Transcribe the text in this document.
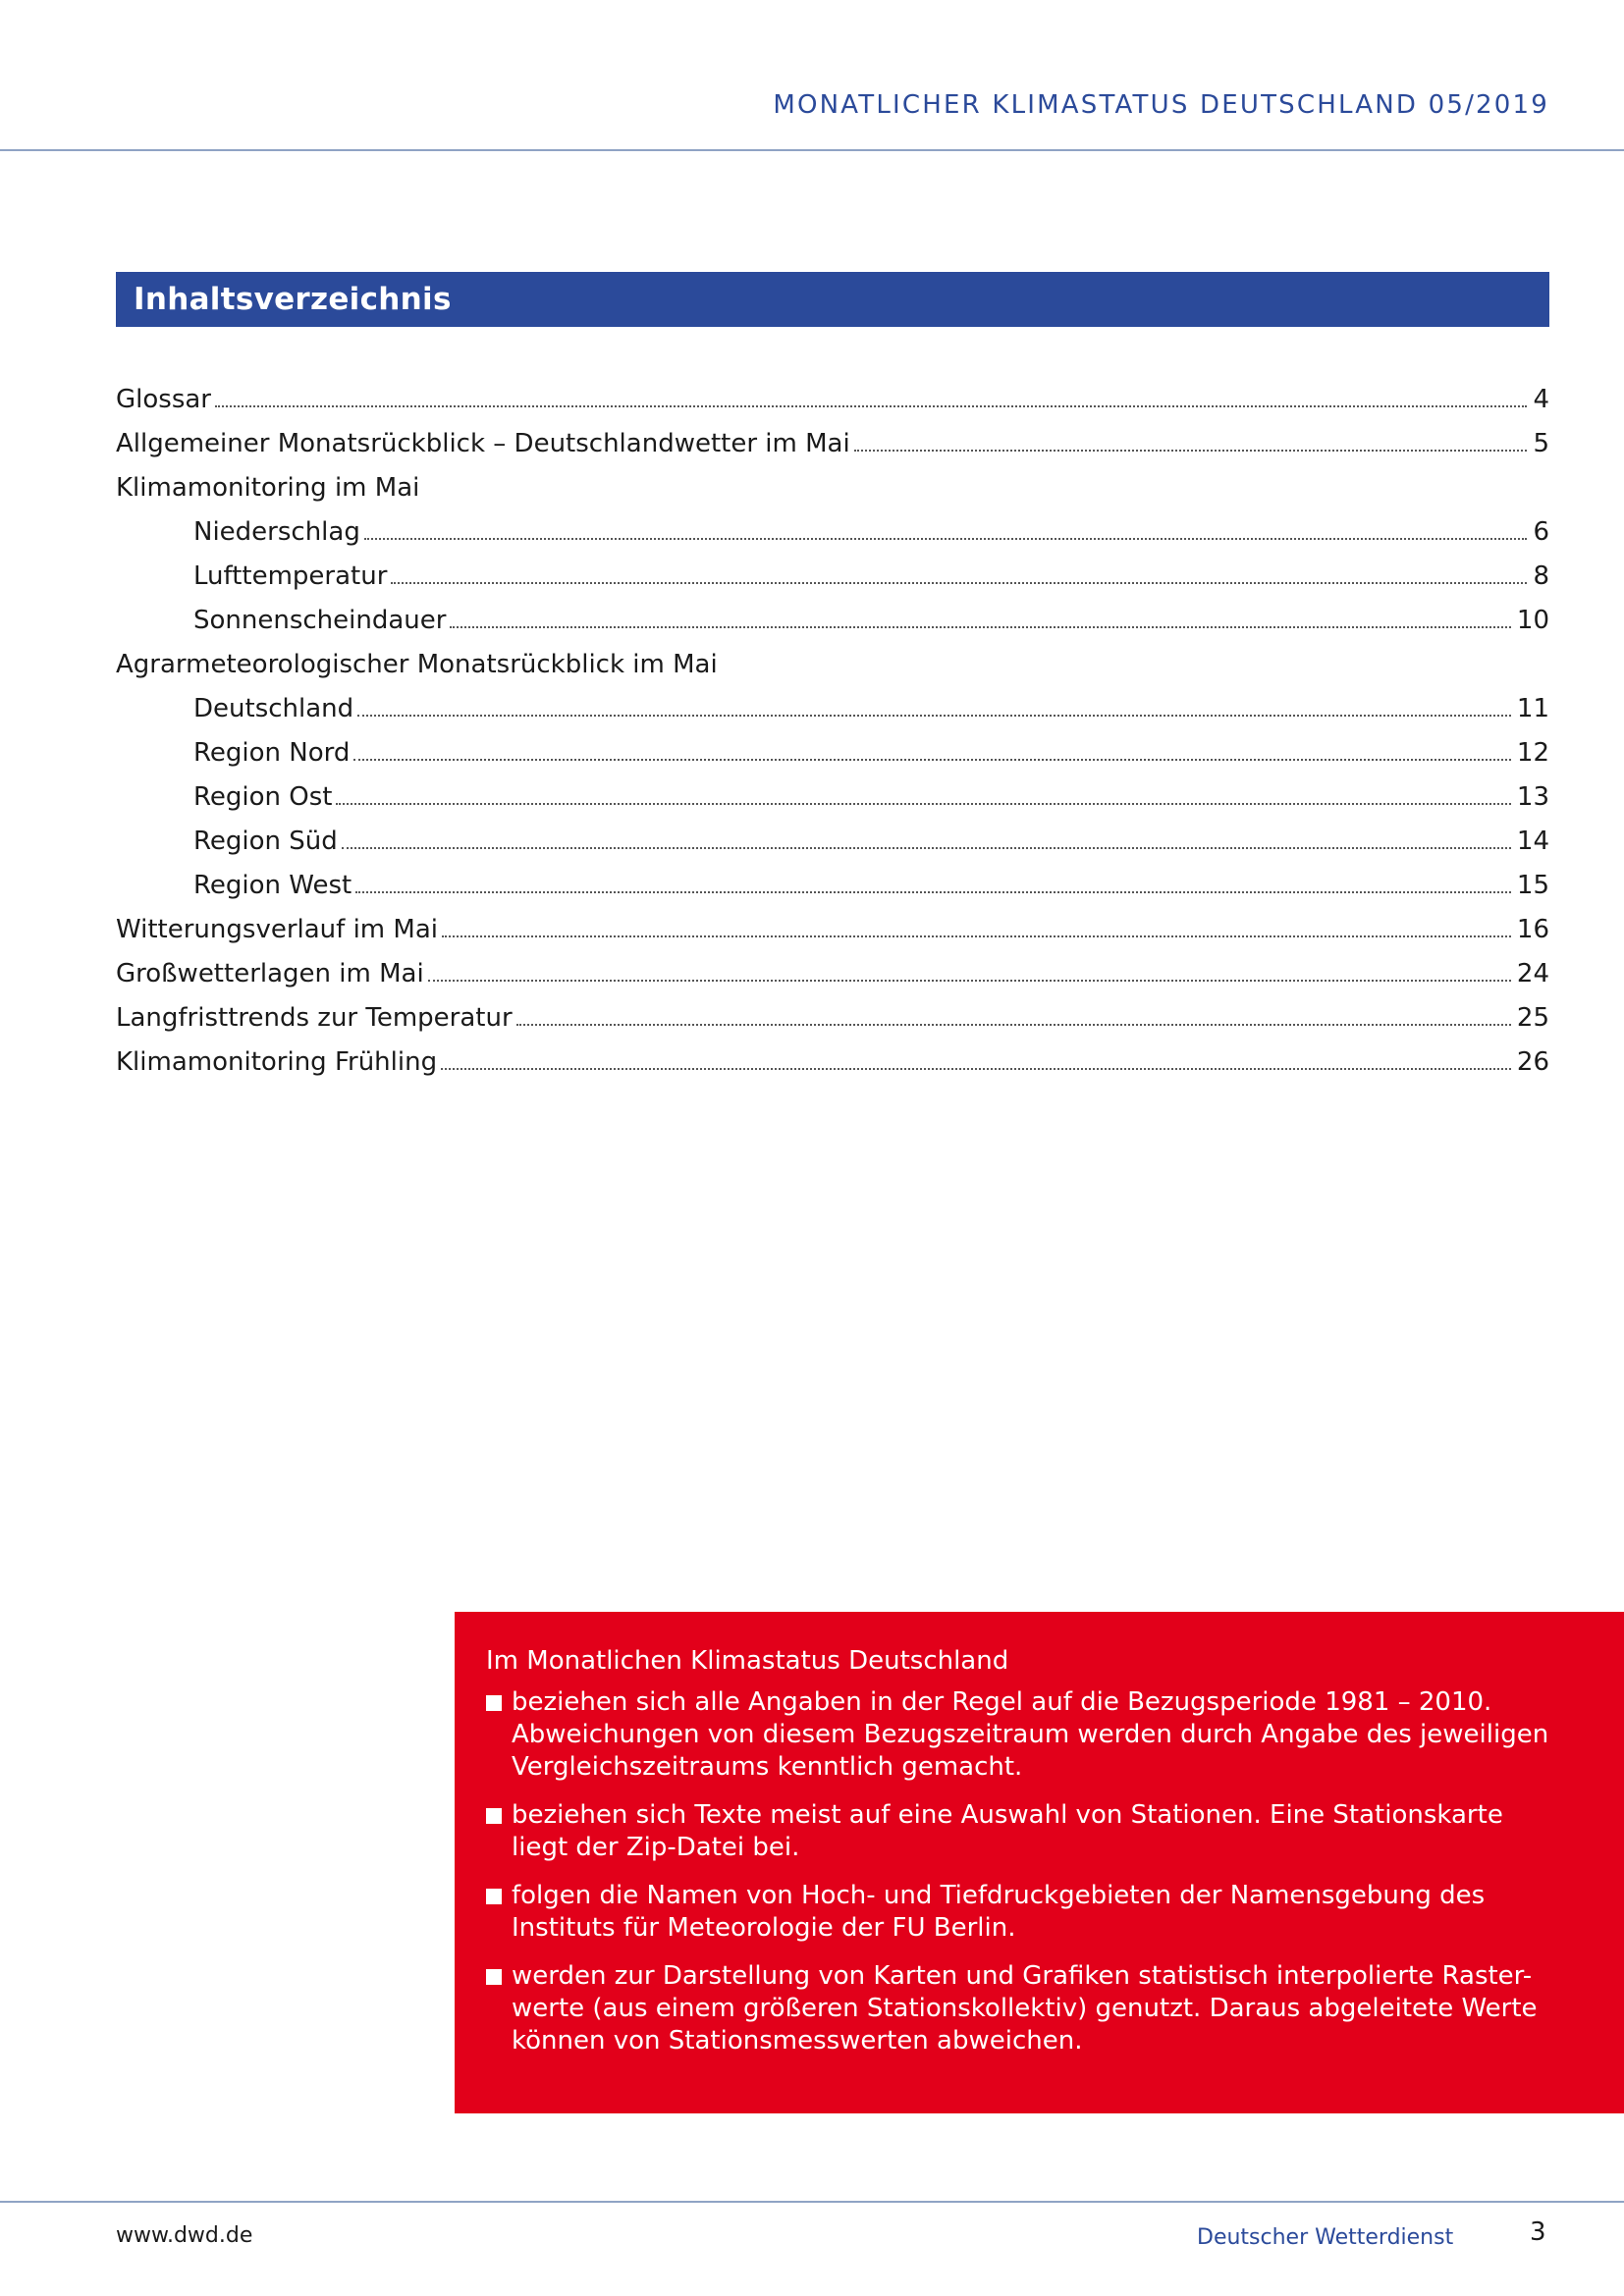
MONATLICHER KLIMASTATUS DEUTSCHLAND 05/2019
Inhaltsverzeichnis
Glossar	4
Allgemeiner Monatsrückblick – Deutschlandwetter im Mai	5
Klimamonitoring im Mai
Niederschlag	6
Lufttemperatur	8
Sonnenscheindauer	10
Agrarmeteorologischer Monatsrückblick im Mai
Deutschland	11
Region Nord	12
Region Ost	13
Region Süd	14
Region West	15
Witterungsverlauf im Mai	16
Großwetterlagen im Mai	24
Langfristtrends zur Temperatur	25
Klimamonitoring Frühling	26
Im Monatlichen Klimastatus Deutschland
beziehen sich alle Angaben in der Regel auf die Bezugsperiode 1981 – 2010. Abweichungen von diesem Bezugszeitraum werden durch Angabe des jeweiligen Vergleichszeitraums kenntlich gemacht.
beziehen sich Texte meist auf eine Auswahl von Stationen. Eine Stationskarte liegt der Zip-Datei bei.
folgen die Namen von Hoch- und Tiefdruckgebieten der Namensgebung des Instituts für Meteorologie der FU Berlin.
werden zur Darstellung von Karten und Grafiken statistisch interpolierte Raster-werte (aus einem größeren Stationskollektiv) genutzt. Daraus abgeleitete Werte können von Stationsmesswerten abweichen.
www.dwd.de	Deutscher Wetterdienst	3
